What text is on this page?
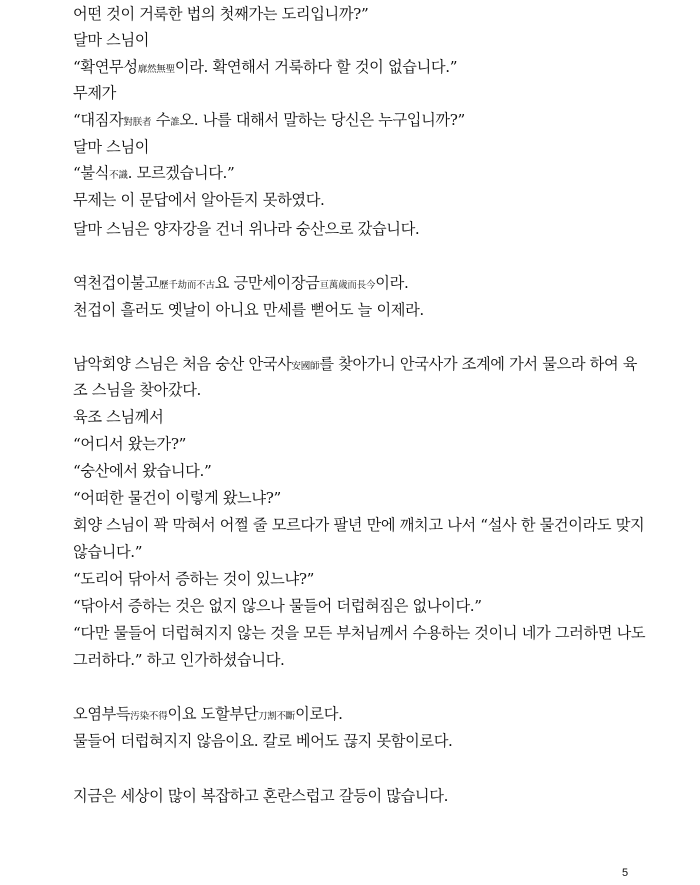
어떤 것이 거룩한 법의 첫째가는 도리입니까?”
달마 스님이
“확연무성廓然無聖이라. 확연해서 거룩하다 할 것이 없습니다.”
무제가
“대짐자對朕者 수誰오. 나를 대해서 말하는 당신은 누구입니까?”
달마 스님이
“불식不識. 모르겠습니다.”
무제는 이 문답에서 알아듣지 못하였다.
달마 스님은 양자강을 건너 위나라 숭산으로 갔습니다.
역천겁이불고歷千劫而不古요 긍만세이장금亘萬歲而長今이라.
천겁이 흘러도 옛날이 아니요 만세를 뻗어도 늘 이제라.
남악회양 스님은 처음 숭산 안국사安國師를 찾아가니 안국사가 조계에 가서 물으라 하여 육
조 스님을 찾아갔다.
육조 스님께서
“어디서 왔는가?”
“숭산에서 왔습니다.”
“어떠한 물건이 이렇게 왔느냐?”
회양 스님이 꽉 막혀서 어쩔 줄 모르다가 팔년 만에 깨치고 나서 “설사 한 물건이라도 맞지
않습니다.”
“도리어 닦아서 증하는 것이 있느냐?”
“닦아서 증하는 것은 없지 않으나 물들어 더럽혀짐은 없나이다.”
“다만 물들어 더럽혀지지 않는 것을 모든 부처님께서 수용하는 것이니 네가 그러하면 나도
그러하다.” 하고 인가하셨습니다.
오염부득汚染不得이요 도할부단刀割不斷이로다.
물들어 더럽혀지지 않음이요. 칼로 베어도 끊지 못함이로다.
지금은 세상이 많이 복잡하고 혼란스럽고 갈등이 많습니다.
5
